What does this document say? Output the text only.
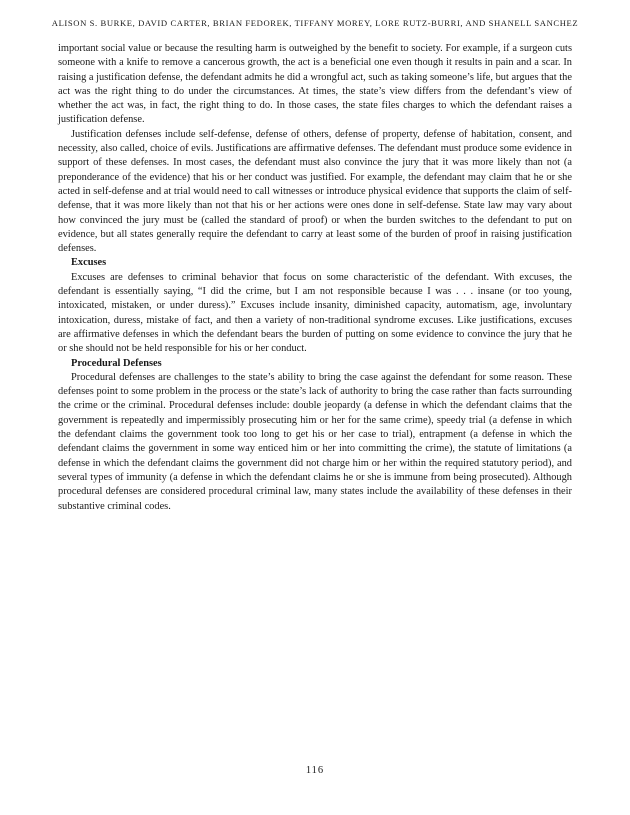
ALISON S. BURKE, DAVID CARTER, BRIAN FEDOREK, TIFFANY MOREY, LORE RUTZ-BURRI, AND SHANELL SANCHEZ

important social value or because the resulting harm is outweighed by the benefit to society. For example, if a surgeon cuts someone with a knife to remove a cancerous growth, the act is a beneficial one even though it results in pain and a scar. In raising a justification defense, the defendant admits he did a wrongful act, such as taking someone’s life, but argues that the act was the right thing to do under the circumstances. At times, the state’s view differs from the defendant’s view of whether the act was, in fact, the right thing to do. In those cases, the state files charges to which the defendant raises a justification defense.

Justification defenses include self-defense, defense of others, defense of property, defense of habitation, consent, and necessity, also called, choice of evils. Justifications are affirmative defenses. The defendant must produce some evidence in support of these defenses. In most cases, the defendant must also convince the jury that it was more likely than not (a preponderance of the evidence) that his or her conduct was justified. For example, the defendant may claim that he or she acted in self-defense and at trial would need to call witnesses or introduce physical evidence that supports the claim of self-defense, that it was more likely than not that his or her actions were ones done in self-defense. State law may vary about how convinced the jury must be (called the standard of proof) or when the burden switches to the defendant to put on evidence, but all states generally require the defendant to carry at least some of the burden of proof in raising justification defenses.

Excuses

Excuses are defenses to criminal behavior that focus on some characteristic of the defendant. With excuses, the defendant is essentially saying, “I did the crime, but I am not responsible because I was . . . insane (or too young, intoxicated, mistaken, or under duress).” Excuses include insanity, diminished capacity, automatism, age, involuntary intoxication, duress, mistake of fact, and then a variety of non-traditional syndrome excuses. Like justifications, excuses are affirmative defenses in which the defendant bears the burden of putting on some evidence to convince the jury that he or she should not be held responsible for his or her conduct.

Procedural Defenses

Procedural defenses are challenges to the state’s ability to bring the case against the defendant for some reason. These defenses point to some problem in the process or the state’s lack of authority to bring the case rather than facts surrounding the crime or the criminal. Procedural defenses include: double jeopardy (a defense in which the defendant claims that the government is repeatedly and impermissibly prosecuting him or her for the same crime), speedy trial (a defense in which the defendant claims the government took too long to get his or her case to trial), entrapment (a defense in which the defendant claims the government in some way enticed him or her into committing the crime), the statute of limitations (a defense in which the defendant claims the government did not charge him or her within the required statutory period), and several types of immunity (a defense in which the defendant claims he or she is immune from being prosecuted). Although procedural defenses are considered procedural criminal law, many states include the availability of these defenses in their substantive criminal codes.

116
